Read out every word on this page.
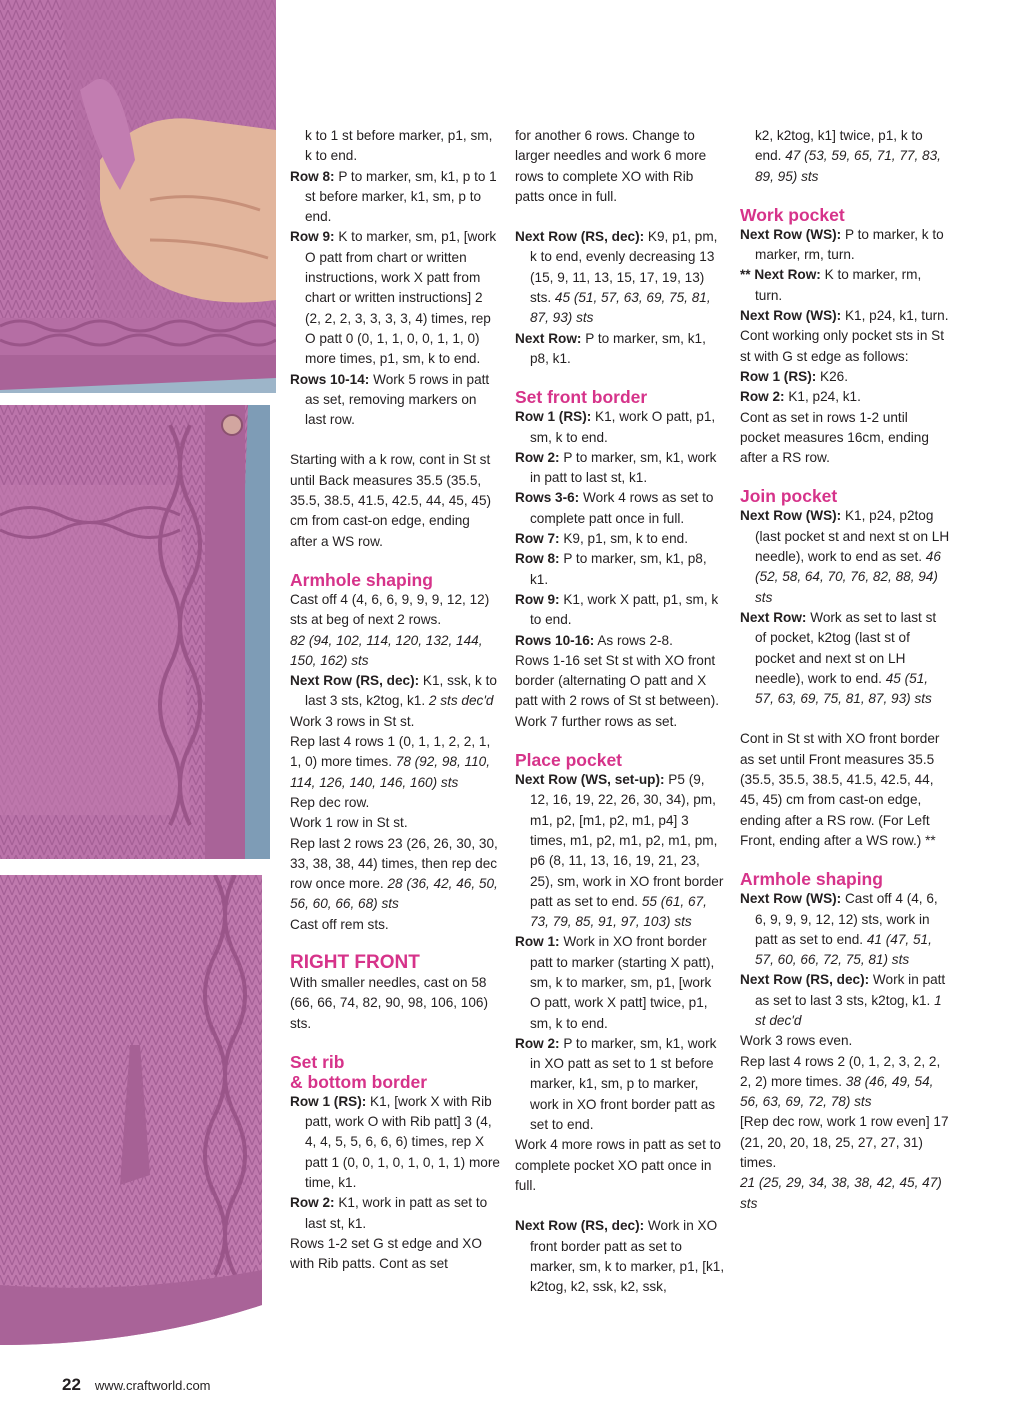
k to 1 st before marker, p1, sm, k to end.

Row 8: P to marker, sm, k1, p to 1 st before marker, k1, sm, p to end.

Row 9: K to marker, sm, p1, [work O patt from chart or written instructions, work X patt from chart or written instructions] 2 (2, 2, 2, 3, 3, 3, 3, 4) times, rep O patt 0 (0, 1, 1, 0, 0, 1, 1, 0) more times, p1, sm, k to end.

Rows 10-14: Work 5 rows in patt as set, removing markers on last row.

Starting with a k row, cont in St st until Back measures 35.5 (35.5, 35.5, 38.5, 41.5, 42.5, 44, 45, 45) cm from cast-on edge, ending after a WS row.

Armhole shaping

Cast off 4 (4, 6, 6, 9, 9, 9, 12, 12) sts at beg of next 2 rows.
82 (94, 102, 114, 120, 132, 144, 150, 162) sts

Next Row (RS, dec): K1, ssk, k to last 3 sts, k2tog, k1. 2 sts dec'd

Work 3 rows in St st.

Rep last 4 rows 1 (0, 1, 1, 2, 2, 1, 1, 0) more times. 78 (92, 98, 110, 114, 126, 140, 146, 160) sts

Rep dec row.

Work 1 row in St st.

Rep last 2 rows 23 (26, 26, 30, 30, 33, 38, 38, 44) times, then rep dec row once more. 28 (36, 42, 46, 50, 56, 60, 66, 68) sts

Cast off rem sts.

RIGHT FRONT

With smaller needles, cast on 58 (66, 66, 74, 82, 90, 98, 106, 106) sts.

Set rib
& bottom border

Row 1 (RS): K1, [work X with Rib patt, work O with Rib patt] 3 (4, 4, 4, 5, 5, 6, 6, 6) times, rep X patt 1 (0, 0, 1, 0, 1, 0, 1, 1) more time, k1.

Row 2: K1, work in patt as set to last st, k1.

Rows 1-2 set G st edge and XO with Rib patts. Cont as set

for another 6 rows. Change to larger needles and work 6 more rows to complete XO with Rib patts once in full.

Next Row (RS, dec): K9, p1, pm, k to end, evenly decreasing 13 (15, 9, 11, 13, 15, 17, 19, 13) sts. 45 (51, 57, 63, 69, 75, 81, 87, 93) sts

Next Row: P to marker, sm, k1, p8, k1.

Set front border

Row 1 (RS): K1, work O patt, p1, sm, k to end.

Row 2: P to marker, sm, k1, work in patt to last st, k1.

Rows 3-6: Work 4 rows as set to complete patt once in full.

Row 7: K9, p1, sm, k to end.

Row 8: P to marker, sm, k1, p8, k1.

Row 9: K1, work X patt, p1, sm, k to end.

Rows 10-16: As rows 2-8.

Rows 1-16 set St st with XO front border (alternating O patt and X patt with 2 rows of St st between).

Work 7 further rows as set.

Place pocket

Next Row (WS, set-up): P5 (9, 12, 16, 19, 22, 26, 30, 34), pm, m1, p2, [m1, p2, m1, p4] 3 times, m1, p2, m1, p2, m1, pm, p6 (8, 11, 13, 16, 19, 21, 23, 25), sm, work in XO front border patt as set to end. 55 (61, 67, 73, 79, 85, 91, 97, 103) sts

Row 1: Work in XO front border patt to marker (starting X patt), sm, k to marker, sm, p1, [work O patt, work X patt] twice, p1, sm, k to end.

Row 2: P to marker, sm, k1, work in XO patt as set to 1 st before marker, k1, sm, p to marker, work in XO front border patt as set to end.

Work 4 more rows in patt as set to complete pocket XO patt once in full.

Next Row (RS, dec): Work in XO front border patt as set to marker, sm, k to marker, p1, [k1, k2tog, k2, ssk, k2, ssk,

k2, k2tog, k1] twice, p1, k to end. 47 (53, 59, 65, 71, 77, 83, 89, 95) sts

Work pocket

Next Row (WS): P to marker, k to marker, rm, turn.

** Next Row: K to marker, rm, turn.

Next Row (WS): K1, p24, k1, turn.

Cont working only pocket sts in St st with G st edge as follows:

Row 1 (RS): K26.

Row 2: K1, p24, k1.

Cont as set in rows 1-2 until pocket measures 16cm, ending after a RS row.

Join pocket

Next Row (WS): K1, p24, p2tog (last pocket st and next st on LH needle), work to end as set. 46 (52, 58, 64, 70, 76, 82, 88, 94) sts

Next Row: Work as set to last st of pocket, k2tog (last st of pocket and next st on LH needle), work to end. 45 (51, 57, 63, 69, 75, 81, 87, 93) sts

Cont in St st with XO front border as set until Front measures 35.5 (35.5, 35.5, 38.5, 41.5, 42.5, 44, 45, 45) cm from cast-on edge, ending after a RS row. (For Left Front, ending after a WS row.) **

Armhole shaping

Next Row (WS): Cast off 4 (4, 6, 6, 9, 9, 9, 12, 12) sts, work in patt as set to end. 41 (47, 51, 57, 60, 66, 72, 75, 81) sts

Next Row (RS, dec): Work in patt as set to last 3 sts, k2tog, k1. 1 st dec'd

Work 3 rows even.

Rep last 4 rows 2 (0, 1, 2, 3, 2, 2, 2, 2) more times. 38 (46, 49, 54, 56, 63, 69, 72, 78) sts

[Rep dec row, work 1 row even] 17 (21, 20, 20, 18, 25, 27, 27, 31) times.

21 (25, 29, 34, 38, 38, 42, 45, 47) sts

22 www.craftworld.com
